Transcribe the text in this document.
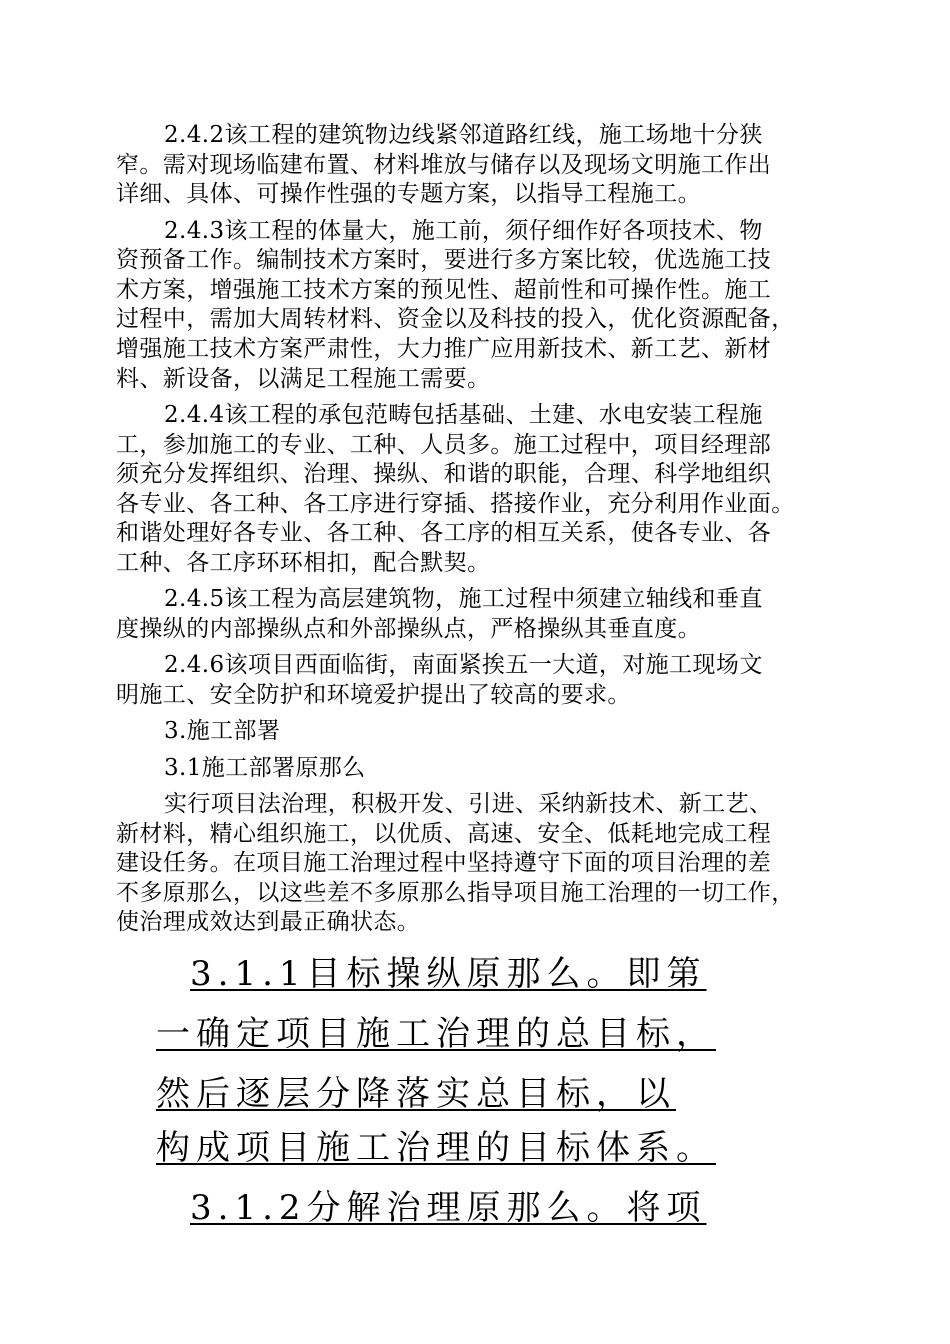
2.4.2该工程的建筑物边线紧邻道路红线，施工场地十分狭
窄。需对现场临建布置、材料堆放与储存以及现场文明施工作出
详细、具体、可操作性强的专题方案，以指导工程施工。
2.4.3该工程的体量大，施工前，须仔细作好各项技术、物
资预备工作。编制技术方案时，要进行多方案比较，优选施工技
术方案，增强施工技术方案的预见性、超前性和可操作性。施工
过程中，需加大周转材料、资金以及科技的投入，优化资源配备，
增强施工技术方案严肃性，大力推广应用新技术、新工艺、新材
料、新设备，以满足工程施工需要。
2.4.4该工程的承包范畴包括基础、土建、水电安装工程施
工，参加施工的专业、工种、人员多。施工过程中，项目经理部
须充分发挥组织、治理、操纵、和谐的职能，合理、科学地组织
各专业、各工种、各工序进行穿插、搭接作业，充分利用作业面。
和谐处理好各专业、各工种、各工序的相互关系，使各专业、各
工种、各工序环环相扣，配合默契。
2.4.5该工程为高层建筑物，施工过程中须建立轴线和垂直
度操纵的内部操纵点和外部操纵点，严格操纵其垂直度。
2.4.6该项目西面临街，南面紧挨五一大道，对施工现场文
明施工、安全防护和环境爱护提出了较高的要求。
3.施工部署
3.1施工部署原那么
实行项目法治理，积极开发、引进、采纳新技术、新工艺、
新材料，精心组织施工，以优质、高速、安全、低耗地完成工程
建设任务。在项目施工治理过程中坚持遵守下面的项目治理的差
不多原那么，以这些差不多原那么指导项目施工治理的一切工作，
使治理成效达到最正确状态。
3.1.1目标操纵原那么。即第
一确定项目施工治理的总目标，
然后逐层分降落实总目标，以
构成项目施工治理的目标体系。
3.1.2分解治理原那么。将项
